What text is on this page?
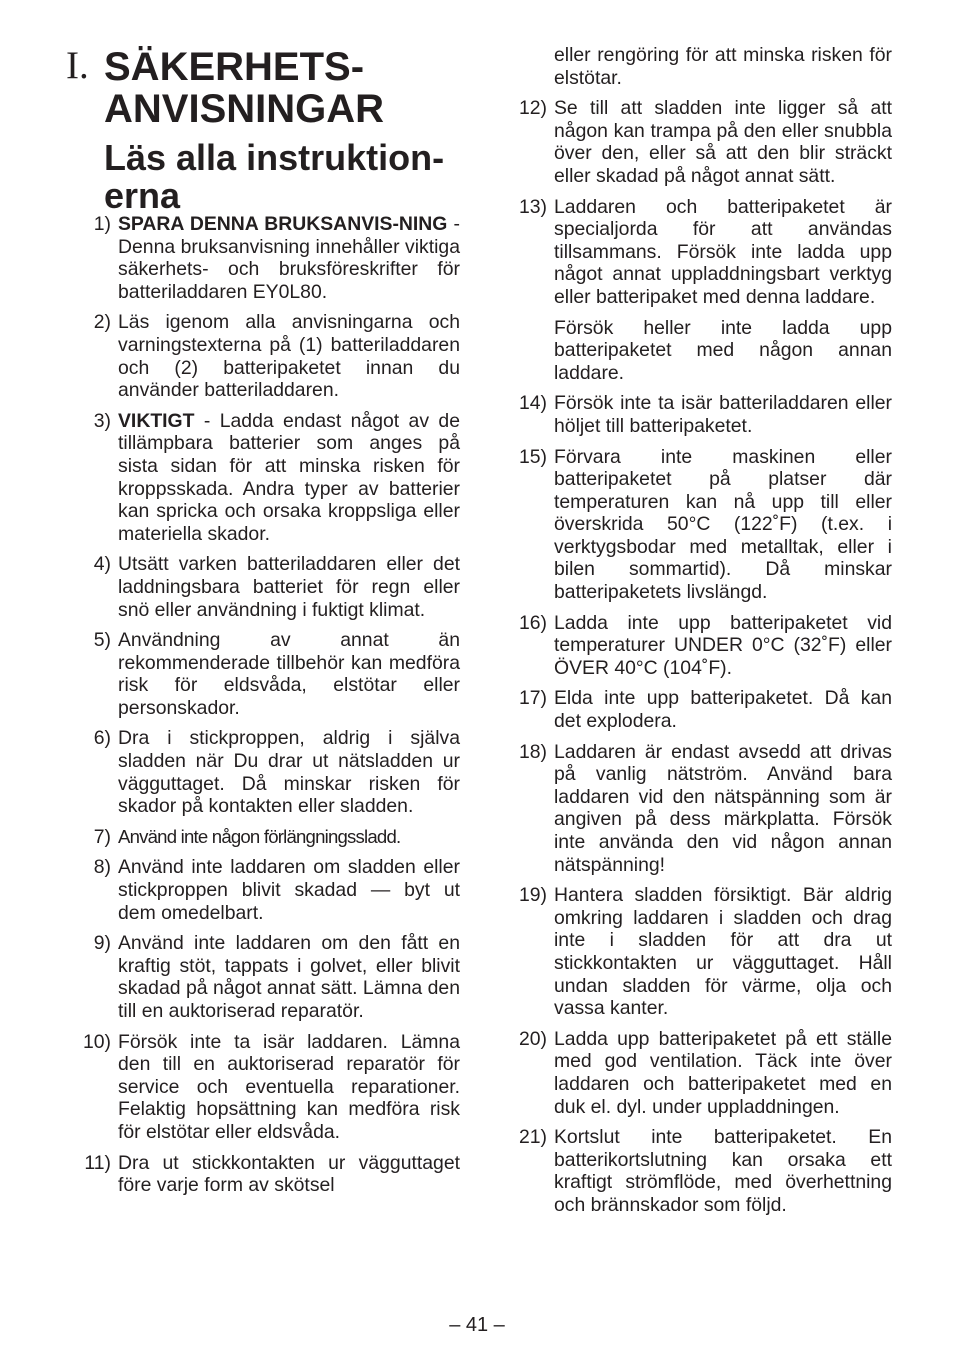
I. SÄKERHETS-
ANVISNINGAR
Läs alla instruktion-
erna
1) SPARA DENNA BRUKSANVIS-NING - Denna bruksanvisning innehåller viktiga säkerhets- och bruksföreskrifter för batteriladdaren EY0L80.
2) Läs igenom alla anvisningarna och varningstexterna på (1) batteriladdaren och (2) batteripaketet innan du använder batteriladdaren.
3) VIKTIGT - Ladda endast något av de tillämpbara batterier som anges på sista sidan för att minska risken för kroppsskada. Andra typer av batterier kan spricka och orsaka kroppsliga eller materiella skador.
4) Utsätt varken batteriladdaren eller det laddningsbara batteriet för regn eller snö eller användning i fuktigt klimat.
5) Användning av annat än rekommenderade tillbehör kan medföra risk för eldsvåda, elstötar eller personskador.
6) Dra i stickproppen, aldrig i själva sladden när Du drar ut nätsladden ur vägguttaget. Då minskar risken för skador på kontakten eller sladden.
7) Använd inte någon förlängningssladd.
8) Använd inte laddaren om sladden eller stickproppen blivit skadad — byt ut dem omedelbart.
9) Använd inte laddaren om den fått en kraftig stöt, tappats i golvet, eller blivit skadad på något annat sätt. Lämna den till en auktoriserad reparatör.
10) Försök inte ta isär laddaren. Lämna den till en auktoriserad reparatör för service och eventuella reparationer. Felaktig hopsättning kan medföra risk för elstötar eller eldsvåda.
11) Dra ut stickkontakten ur vägguttaget före varje form av skötsel
eller rengöring för att minska risken för elstötar.
12) Se till att sladden inte ligger så att någon kan trampa på den eller snubbla över den, eller så att den blir sträckt eller skadad på något annat sätt.
13) Laddaren och batteripaketet är specialjorda för att användas tillsammans. Försök inte ladda upp något annat uppladdningsbart verktyg eller batteripaket med denna laddare.

Försök heller inte ladda upp batteripaketet med någon annan laddare.

14) Försök inte ta isär batteriladdaren eller höljet till batteripaketet.
15) Förvara inte maskinen eller batteripaketet på platser där temperaturen kan nå upp till eller överskrida 50°C (122˚F) (t.ex. i verktygsbodar med metalltak, eller i bilen sommartid). Då minskar batteripaketets livslängd.
16) Ladda inte upp batteripaketet vid temperaturer UNDER 0°C (32˚F) eller ÖVER 40°C (104˚F).
17) Elda inte upp batteripaketet. Då kan det explodera.
18) Laddaren är endast avsedd att drivas på vanlig nätström. Använd bara laddaren vid den nätspänning som är angiven på dess märkplatta. Försök inte använda den vid någon annan nätspänning!
19) Hantera sladden försiktigt. Bär aldrig omkring laddaren i sladden och drag inte i sladden för att dra ut stickkontakten ur vägguttaget. Håll undan sladden för värme, olja och vassa kanter.
20) Ladda upp batteripaketet på ett ställe med god ventilation. Täck inte över laddaren och batteripaketet med en duk el. dyl. under uppladdningen.
21) Kortslut inte batteripaketet. En batterikortslutning kan orsaka ett kraftigt strömflöde, med överhettning och brännskador som följd.
– 41 –
